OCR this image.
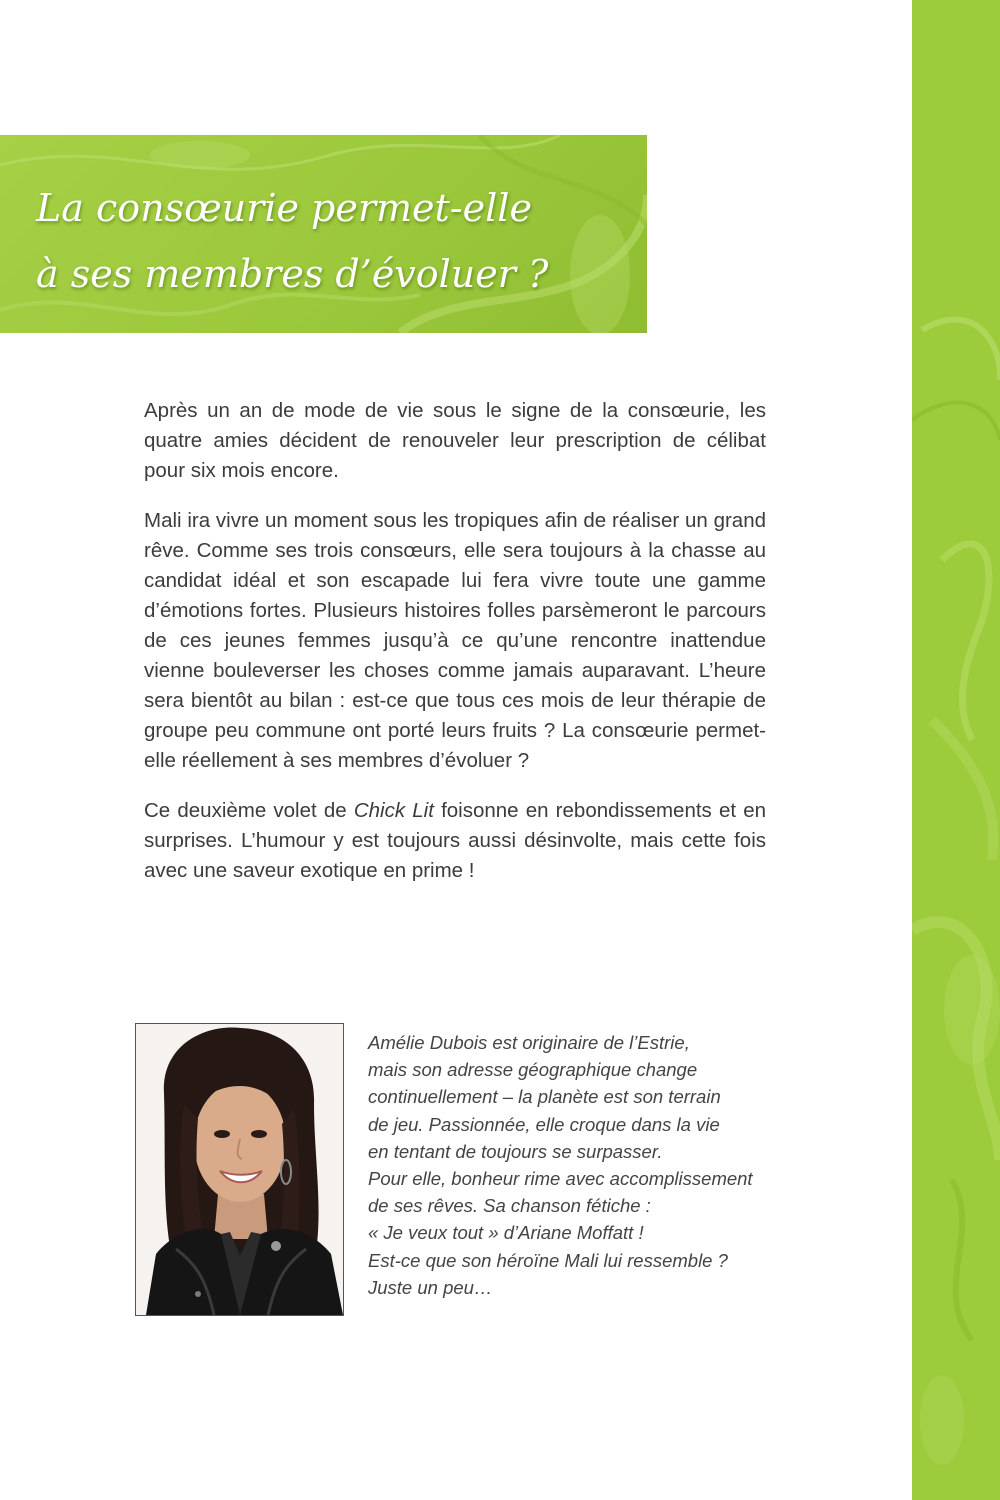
La consœurie permet-elle
à ses membres d’évoluer ?

Après un an de mode de vie sous le signe de la consœurie, les quatre amies décident de renouveler leur prescription de célibat pour six mois encore.

Mali ira vivre un moment sous les tropiques afin de réaliser un grand rêve. Comme ses trois consœurs, elle sera toujours à la chasse au candidat idéal et son escapade lui fera vivre toute une gamme d’émotions fortes. Plusieurs histoires folles parsèmeront le parcours de ces jeunes femmes jusqu’à ce qu’une rencontre inattendue vienne bouleverser les choses comme jamais auparavant. L’heure sera bientôt au bilan : est-ce que tous ces mois de leur thérapie de groupe peu commune ont porté leurs fruits ? La consœurie permet-elle réellement à ses membres d’évoluer ?

Ce deuxième volet de Chick Lit foisonne en rebondissements et en surprises. L’humour y est toujours aussi désinvolte, mais cette fois avec une saveur exotique en prime !

Amélie Dubois est originaire de l’Estrie,
mais son adresse géographique change
continuellement – la planète est son terrain
de jeu. Passionnée, elle croque dans la vie
en tentant de toujours se surpasser.
Pour elle, bonheur rime avec accomplissement
de ses rêves. Sa chanson fétiche :
« Je veux tout » d’Ariane Moffatt !
Est-ce que son héroïne Mali lui ressemble ?
Juste un peu…
